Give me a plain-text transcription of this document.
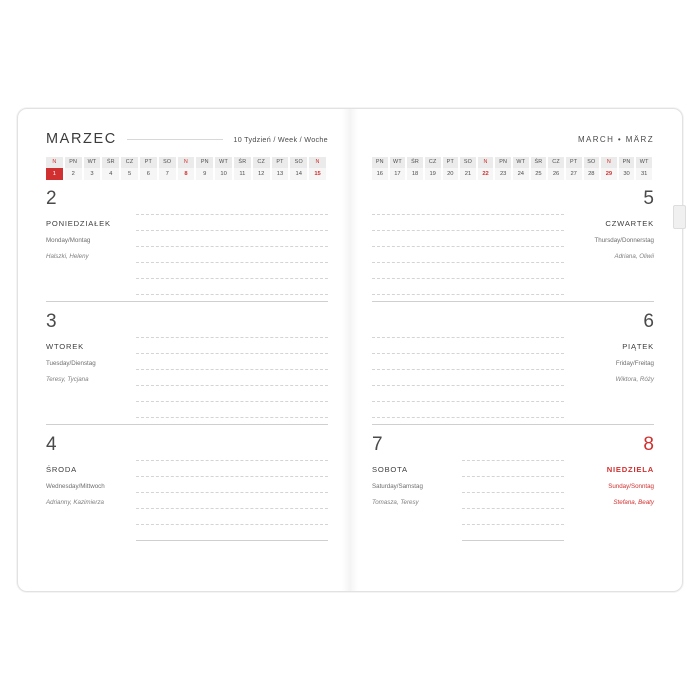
MARZEC	10 Tydzień / Week / Woche
N
1
PN
2
WT
3
ŚR
4
CZ
5
PT
6
SO
7
N
8
PN
9
WT
10
ŚR
11
CZ
12
PT
13
SO
14
N
15
2
PONIEDZIAŁEK
Monday/Montag
Halszki, Heleny
3
WTOREK
Tuesday/Dienstag
Teresy, Tycjana
4
ŚRODA
Wednesday/Mittwoch
Adrianny, Kazimierza
MARCH • MÄRZ
PN
16
WT
17
ŚR
18
CZ
19
PT
20
SO
21
N
22
PN
23
WT
24
ŚR
25
CZ
26
PT
27
SO
28
N
29
PN
30
WT
31
5
CZWARTEK
Thursday/Donnerstag
Adriana, Oliwii
6
PIĄTEK
Friday/Freitag
Wiktora, Róży
7
SOBOTA
Saturday/Samstag
Tomasza, Teresy
8
NIEDZIELA
Sunday/Sonntag
Stefana, Beaty
